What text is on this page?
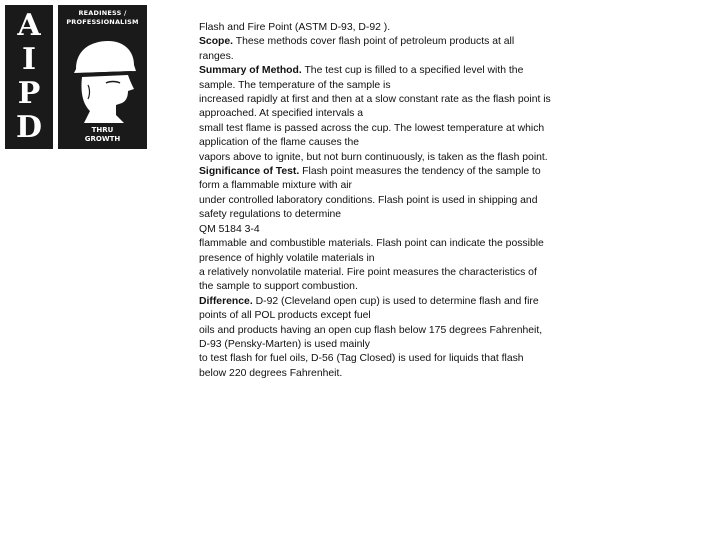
A
I
P
D
READINESS /
PROFESSIONALISM
THRU
GROWTH

Flash and Fire Point (ASTM D-93, D-92 ).

Scope. These methods cover flash point of petroleum products at all ranges.

Summary of Method. The test cup is filled to a specified level with the sample. The temperature of the sample is

increased rapidly at first and then at a slow constant rate as the flash point is approached. At specified intervals a

small test flame is passed across the cup. The lowest temperature at which application of the flame causes the

vapors above to ignite, but not burn continuously, is taken as the flash point.

Significance of Test. Flash point measures the tendency of the sample to form a flammable mixture with air

under controlled laboratory conditions. Flash point is used in shipping and safety regulations to determine

QM 5184 3-4

flammable and combustible materials. Flash point can indicate the possible presence of highly volatile materials in

a relatively nonvolatile material. Fire point measures the characteristics of the sample to support combustion.

Difference. D-92 (Cleveland open cup) is used to determine flash and fire points of all POL products except fuel

oils and products having an open cup flash below 175 degrees Fahrenheit, D-93 (Pensky-Marten) is used mainly

to test flash for fuel oils, D-56 (Tag Closed) is used for liquids that flash below 220 degrees Fahrenheit.
